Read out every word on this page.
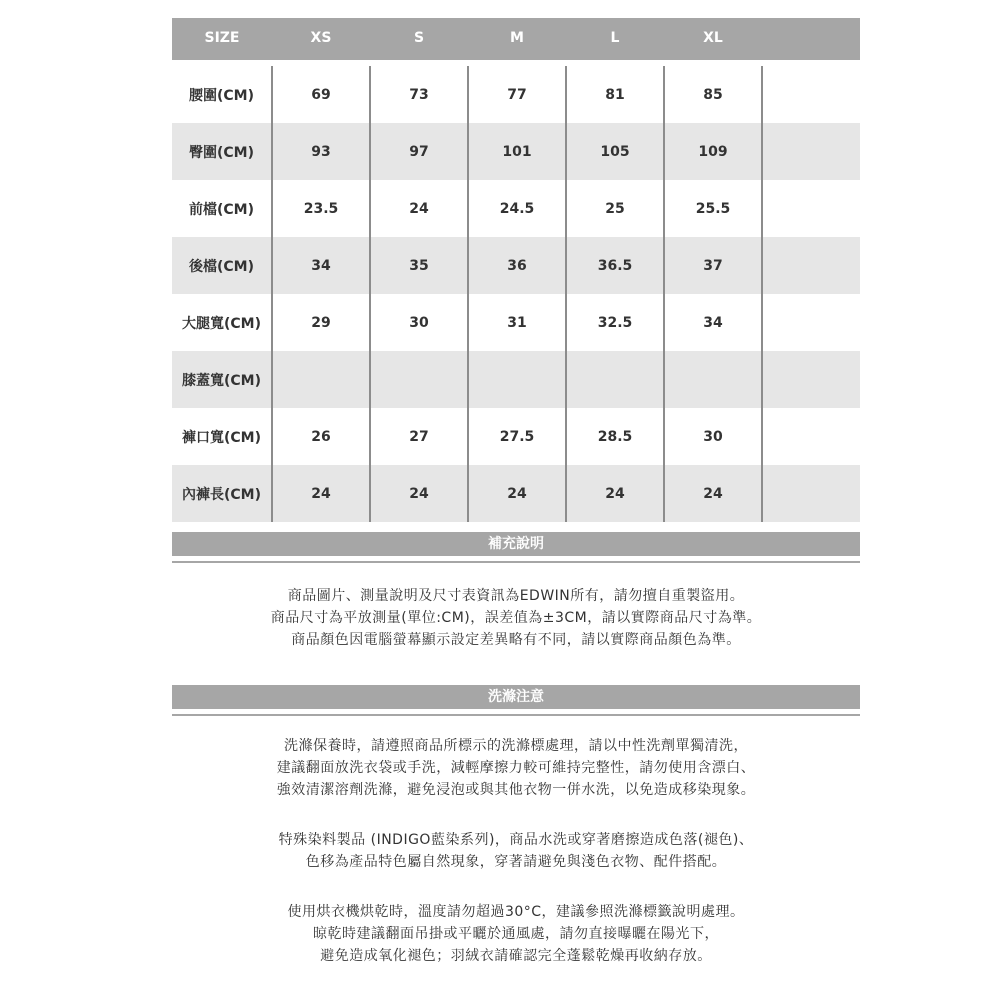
SIZE	XS	S	M	L	XL	

腰圍(CM)	69	73	77	81	85	
臀圍(CM)	93	97	101	105	109	
前檔(CM)	23.5	24	24.5	25	25.5	
後檔(CM)	34	35	36	36.5	37	
大腿寬(CM)	29	30	31	32.5	34	
膝蓋寬(CM)						
褲口寬(CM)	26	27	27.5	28.5	30	
內褲長(CM)	24	24	24	24	24	
補充說明
商品圖片、測量說明及尺寸表資訊為EDWIN所有，請勿擅自重製盜用。
商品尺寸為平放測量(單位:CM)，誤差值為±3CM，請以實際商品尺寸為準。
商品顏色因電腦螢幕顯示設定差異略有不同，請以實際商品顏色為準。
洗滌注意
洗滌保養時，請遵照商品所標示的洗滌標處理，請以中性洗劑單獨清洗，
建議翻面放洗衣袋或手洗，減輕摩擦力較可維持完整性，請勿使用含漂白、
強效清潔溶劑洗滌，避免浸泡或與其他衣物一併水洗，以免造成移染現象。
特殊染料製品 (INDIGO藍染系列)，商品水洗或穿著磨擦造成色落(褪色)、
色移為產品特色屬自然現象，穿著請避免與淺色衣物、配件搭配。
使用烘衣機烘乾時，溫度請勿超過30°C，建議參照洗滌標籤說明處理。
晾乾時建議翻面吊掛或平曬於通風處，請勿直接曝曬在陽光下，
避免造成氧化褪色；羽絨衣請確認完全蓬鬆乾燥再收納存放。
